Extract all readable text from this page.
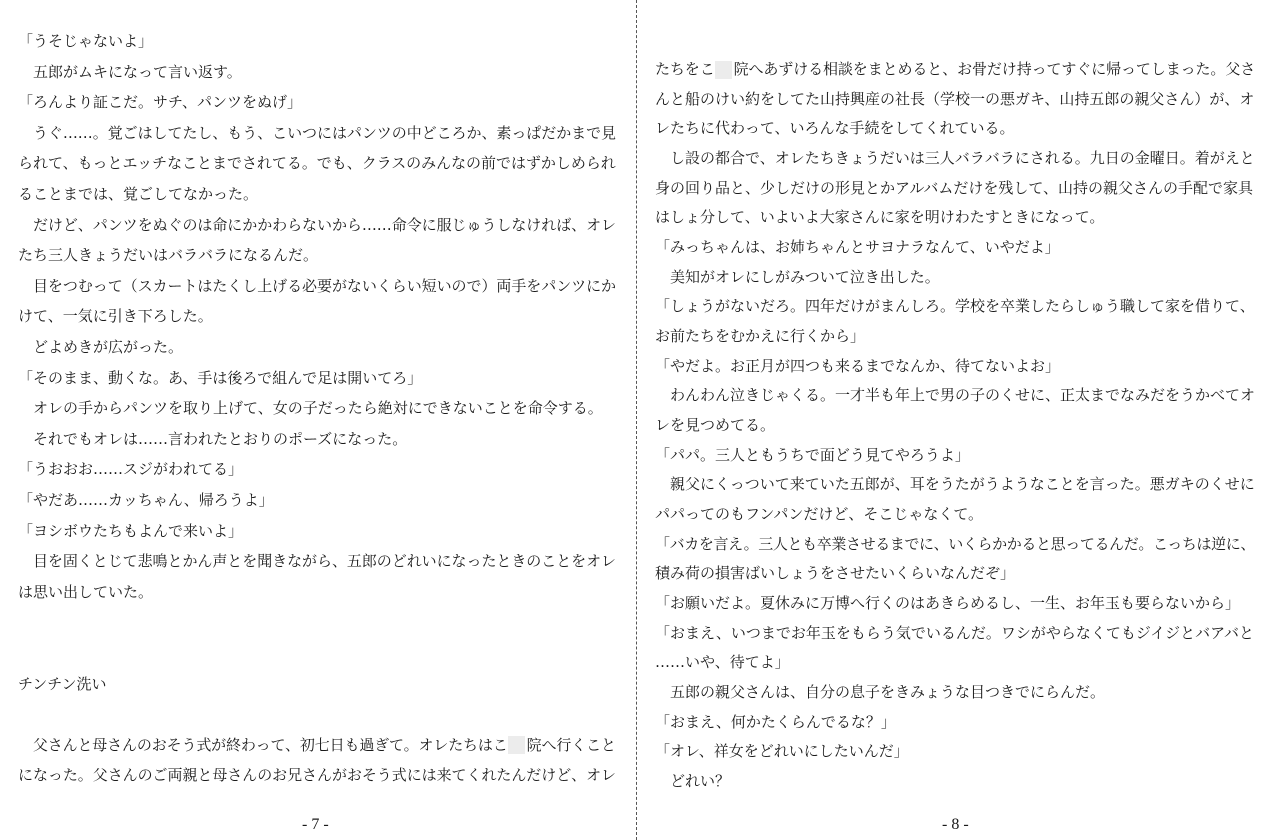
「うそじゃないよ」
　五郎がムキになって言い返す。
「ろんより証こだ。サチ、パンツをぬげ」
　うぐ……。覚ごはしてたし、もう、こいつにはパンツの中どころか、素っぱだかまで見
られて、もっとエッチなことまでされてる。でも、クラスのみんなの前ではずかしめられ
ることまでは、覚ごしてなかった。
　だけど、パンツをぬぐのは命にかかわらないから……命令に服じゅうしなければ、オレ
たち三人きょうだいはバラバラになるんだ。
　目をつむって（スカートはたくし上げる必要がないくらい短いので）両手をパンツにか
けて、一気に引き下ろした。
　どよめきが広がった。
「そのまま、動くな。あ、手は後ろで組んで足は開いてろ」
　オレの手からパンツを取り上げて、女の子だったら絶対にできないことを命令する。
　それでもオレは……言われたとおりのポーズになった。
「うおおお……スジがわれてる」
「やだあ……カッちゃん、帰ろうよ」
「ヨシボウたちもよんで来いよ」
　目を固くとじて悲鳴とかん声とを聞きながら、五郎のどれいになったときのことをオレ
は思い出していた。
チンチン洗い
　父さんと母さんのおそう式が終わって、初七日も過ぎて。オレたちはこ 院へ行くこと
になった。父さんのご両親と母さんのお兄さんがおそう式には来てくれたんだけど、オレ
- 7 -
たちをこ 院へあずける相談をまとめると、お骨だけ持ってすぐに帰ってしまった。父さ
んと船のけい約をしてた山持興産の社長（学校一の悪ガキ、山持五郎の親父さん）が、オ
レたちに代わって、いろんな手続をしてくれている。
　し設の都合で、オレたちきょうだいは三人バラバラにされる。九日の金曜日。着がえと
身の回り品と、少しだけの形見とかアルバムだけを残して、山持の親父さんの手配で家具
はしょ分して、いよいよ大家さんに家を明けわたすときになって。
「みっちゃんは、お姉ちゃんとサヨナラなんて、いやだよ」
　美知がオレにしがみついて泣き出した。
「しょうがないだろ。四年だけがまんしろ。学校を卒業したらしゅう職して家を借りて、
お前たちをむかえに行くから」
「やだよ。お正月が四つも来るまでなんか、待てないよお」
　わんわん泣きじゃくる。一才半も年上で男の子のくせに、正太までなみだをうかべてオ
レを見つめてる。
「パパ。三人ともうちで面どう見てやろうよ」
　親父にくっついて来ていた五郎が、耳をうたがうようなことを言った。悪ガキのくせに
パパってのもフンパンだけど、そこじゃなくて。
「バカを言え。三人とも卒業させるまでに、いくらかかると思ってるんだ。こっちは逆に、
積み荷の損害ばいしょうをさせたいくらいなんだぞ」
「お願いだよ。夏休みに万博へ行くのはあきらめるし、一生、お年玉も要らないから」
「おまえ、いつまでお年玉をもらう気でいるんだ。ワシがやらなくてもジイジとバアバと
……いや、待てよ」
　五郎の親父さんは、自分の息子をきみょうな目つきでにらんだ。
「おまえ、何かたくらんでるな？」
「オレ、祥女をどれいにしたいんだ」
　どれい？
- 8 -
